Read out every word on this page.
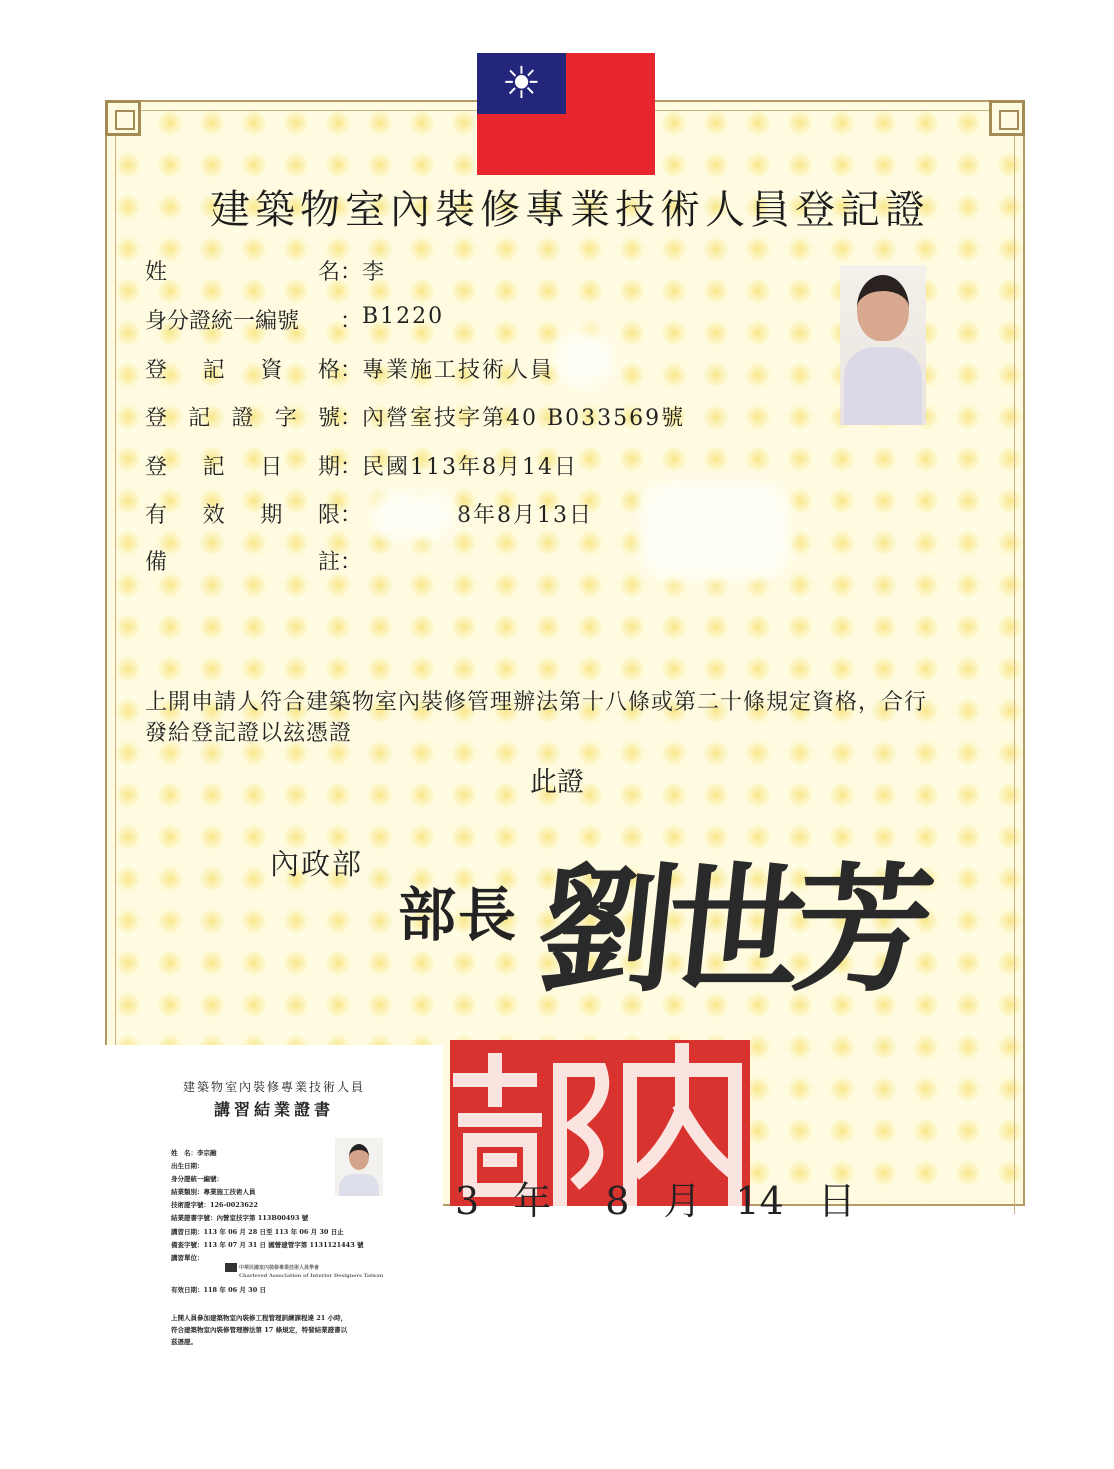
☀
建築物室內裝修專業技術人員登記證
姓	名 ： 李
身分證統一編號 ： B1220
登 記 資 格 ： 專業施工技術人員
登 記 證 字 號 ： 內營室技字第40 B033569號
登 記 日 期 ： 民國113年8月14日
有 效 期 限 ：	8年8月13日
備	註 ：
上開申請人符合建築物室內裝修管理辦法第十八條或第二十條規定資格，合行
發給登記證以玆憑證
此證
內政部
部長 劉世芳
3 年 8 月 14 日
建築物室內裝修專業技術人員
講習結業證書
姓　名：李宗融
出生日期：
身分證統一編號：
結業類別：專業施工技術人員
技術證字號：126-0023622
結業證書字號：內營室技字第 113B00493 號
講習日期：113 年 06 月 28 日至 113 年 06 月 30 日止
備查字號：113 年 07 月 31 日 國營建管字第 1131121443 號
講習單位：
有效日期：118 年 06 月 30 日
中華民國室內裝修專業技術人員學會
Chartered Association of Interior Designers Taiwan
上開人員參加建築物室內裝修工程管理訓練課程達 21 小時，
符合建築物室內裝修管理辦法第 17 條規定，特發結業證書以
茲憑證。
